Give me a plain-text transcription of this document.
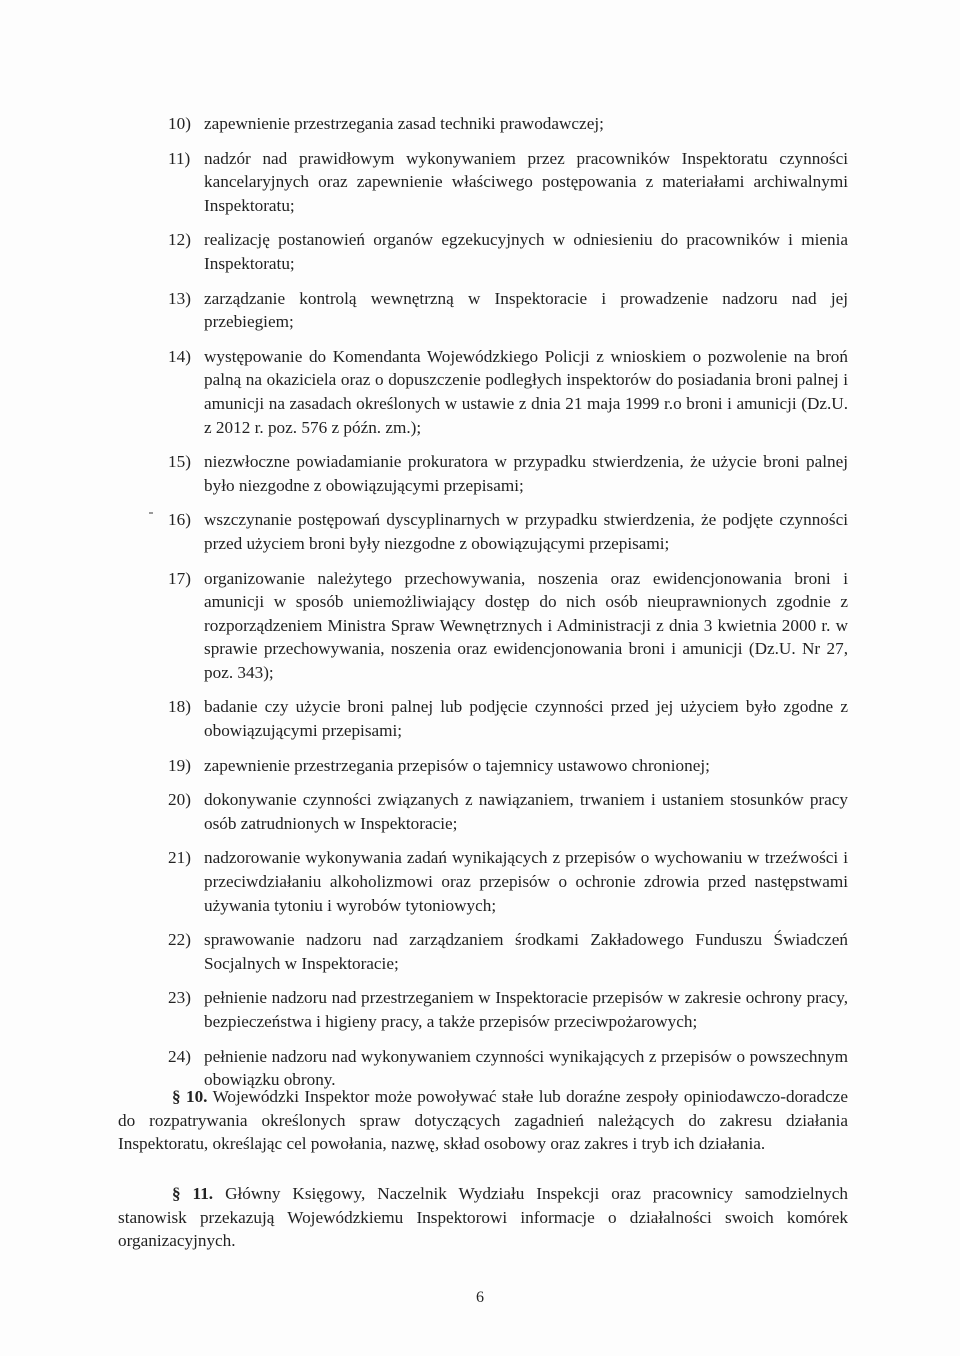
10) zapewnienie przestrzegania zasad techniki prawodawczej;
11) nadzór nad prawidłowym wykonywaniem przez pracowników Inspektoratu czynności kancelaryjnych oraz zapewnienie właściwego postępowania z materiałami archiwalnymi Inspektoratu;
12) realizację postanowień organów egzekucyjnych w odniesieniu do pracowników i mienia Inspektoratu;
13) zarządzanie kontrolą wewnętrzną w Inspektoracie i prowadzenie nadzoru nad jej przebiegiem;
14) występowanie do Komendanta Wojewódzkiego Policji z wnioskiem o pozwolenie na broń palną na okaziciela oraz o dopuszczenie podległych inspektorów do posiadania broni palnej i amunicji na zasadach określonych w ustawie z dnia 21 maja 1999 r.o broni i amunicji (Dz.U. z 2012 r. poz. 576 z późn. zm.);
15) niezwłoczne powiadamianie prokuratora w przypadku stwierdzenia, że użycie broni palnej było niezgodne z obowiązującymi przepisami;
16) wszczynanie postępowań dyscyplinarnych w przypadku stwierdzenia, że podjęte czynności przed użyciem broni były niezgodne z obowiązującymi przepisami;
17) organizowanie należytego przechowywania, noszenia oraz ewidencjonowania broni i amunicji w sposób uniemożliwiający dostęp do nich osób nieuprawnionych zgodnie z rozporządzeniem Ministra Spraw Wewnętrznych i Administracji z dnia 3 kwietnia 2000 r. w sprawie przechowywania, noszenia oraz ewidencjonowania broni i amunicji (Dz.U. Nr 27, poz. 343);
18) badanie czy użycie broni palnej lub podjęcie czynności przed jej użyciem było zgodne z obowiązującymi przepisami;
19) zapewnienie przestrzegania przepisów o tajemnicy ustawowo chronionej;
20) dokonywanie czynności związanych z nawiązaniem, trwaniem i ustaniem stosunków pracy osób zatrudnionych w Inspektoracie;
21) nadzorowanie wykonywania zadań wynikających z przepisów o wychowaniu w trzeźwości i przeciwdziałaniu alkoholizmowi oraz przepisów o ochronie zdrowia przed następstwami używania tytoniu i wyrobów tytoniowych;
22) sprawowanie nadzoru nad zarządzaniem środkami Zakładowego Funduszu Świadczeń Socjalnych w Inspektoracie;
23) pełnienie nadzoru nad przestrzeganiem w Inspektoracie przepisów w zakresie ochrony pracy, bezpieczeństwa i higieny pracy, a także przepisów przeciwpożarowych;
24) pełnienie nadzoru nad wykonywaniem czynności wynikających z przepisów o powszechnym obowiązku obrony.

§ 10. Wojewódzki Inspektor może powoływać stałe lub doraźne zespoły opiniodawczo-doradcze do rozpatrywania określonych spraw dotyczących zagadnień należących do zakresu działania Inspektoratu, określając cel powołania, nazwę, skład osobowy oraz zakres i tryb ich działania.

§ 11. Główny Księgowy, Naczelnik Wydziału Inspekcji oraz pracownicy samodzielnych stanowisk przekazują Wojewódzkiemu Inspektorowi informacje o działalności swoich komórek organizacyjnych.

6
